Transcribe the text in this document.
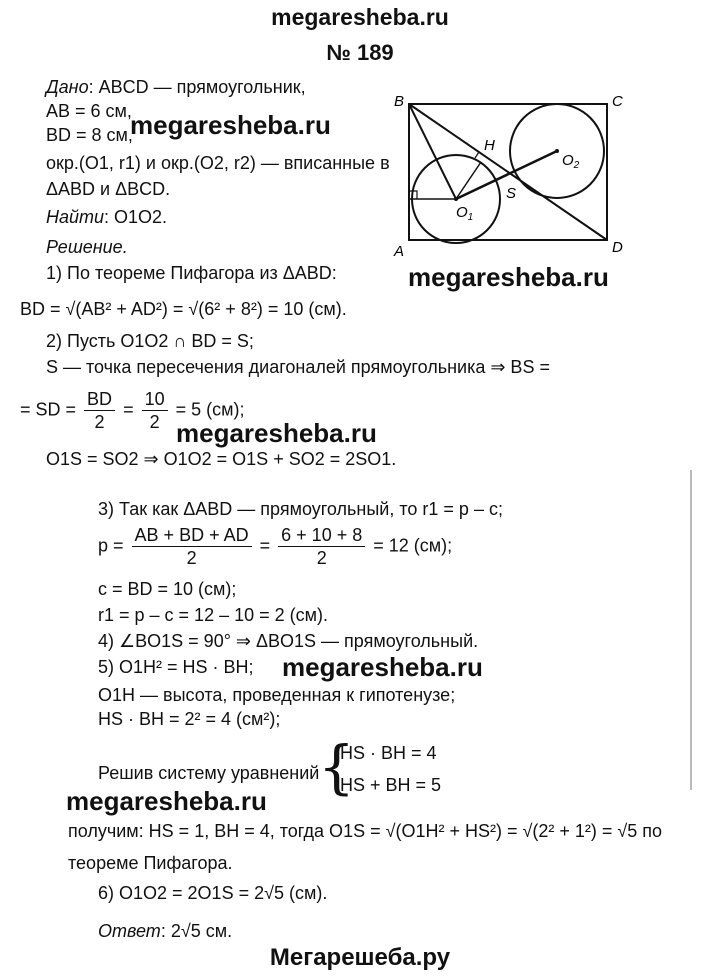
megaresheba.ru
№ 189
B	C
A	D
H
S
$O_1$
$O_2$
Дано: ABCD — прямоугольник,
AB = 6 см,
BD = 8 см,
megaresheba.ru
окр.(O1, r1) и окр.(O2, r2) — вписанные в
ΔABD и ΔBCD.
Найти: O1O2.
Решение.
1) По теореме Пифагора из ΔABD:	megaresheba.ru
BD = √(AB² + AD²) = √(6² + 8²) = 10 (см).
2) Пусть O1O2 ∩ BD = S;
S — точка пересечения диагоналей прямоугольника ⇒ BS =
= SD = $\frac{BD}{2} = \frac{10}{2} = 5$ (см);
megaresheba.ru
O1S = SO2 ⇒ O1O2 = O1S + SO2 = 2SO1.
3) Так как ΔABD — прямоугольный, то r1 = p – c;
$p = \frac{AB + BD + AD}{2} = \frac{6 + 10 + 8}{2} = 12$ (см);
c = BD = 10 (см);
r1 = p – c = 12 – 10 = 2 (см).
4) ∠BO1S = 90° ⇒ ΔBO1S — прямоугольный.
5) O1H² = HS · BH; megaresheba.ru
O1H — высота, проведенная к гипотенузе;
HS · BH = 2² = 4 (см²);
Решив систему уравнений
{
HS · BH = 4
HS + BH = 5
megaresheba.ru
получим: HS = 1, BH = 4, тогда O1S = √(O1H² + HS²) = √(2² + 1²) = √5 по
теореме Пифагора.
6) O1O2 = 2O1S = 2√5 (см).
Ответ: 2√5 см.
Мегарешеба.ру
